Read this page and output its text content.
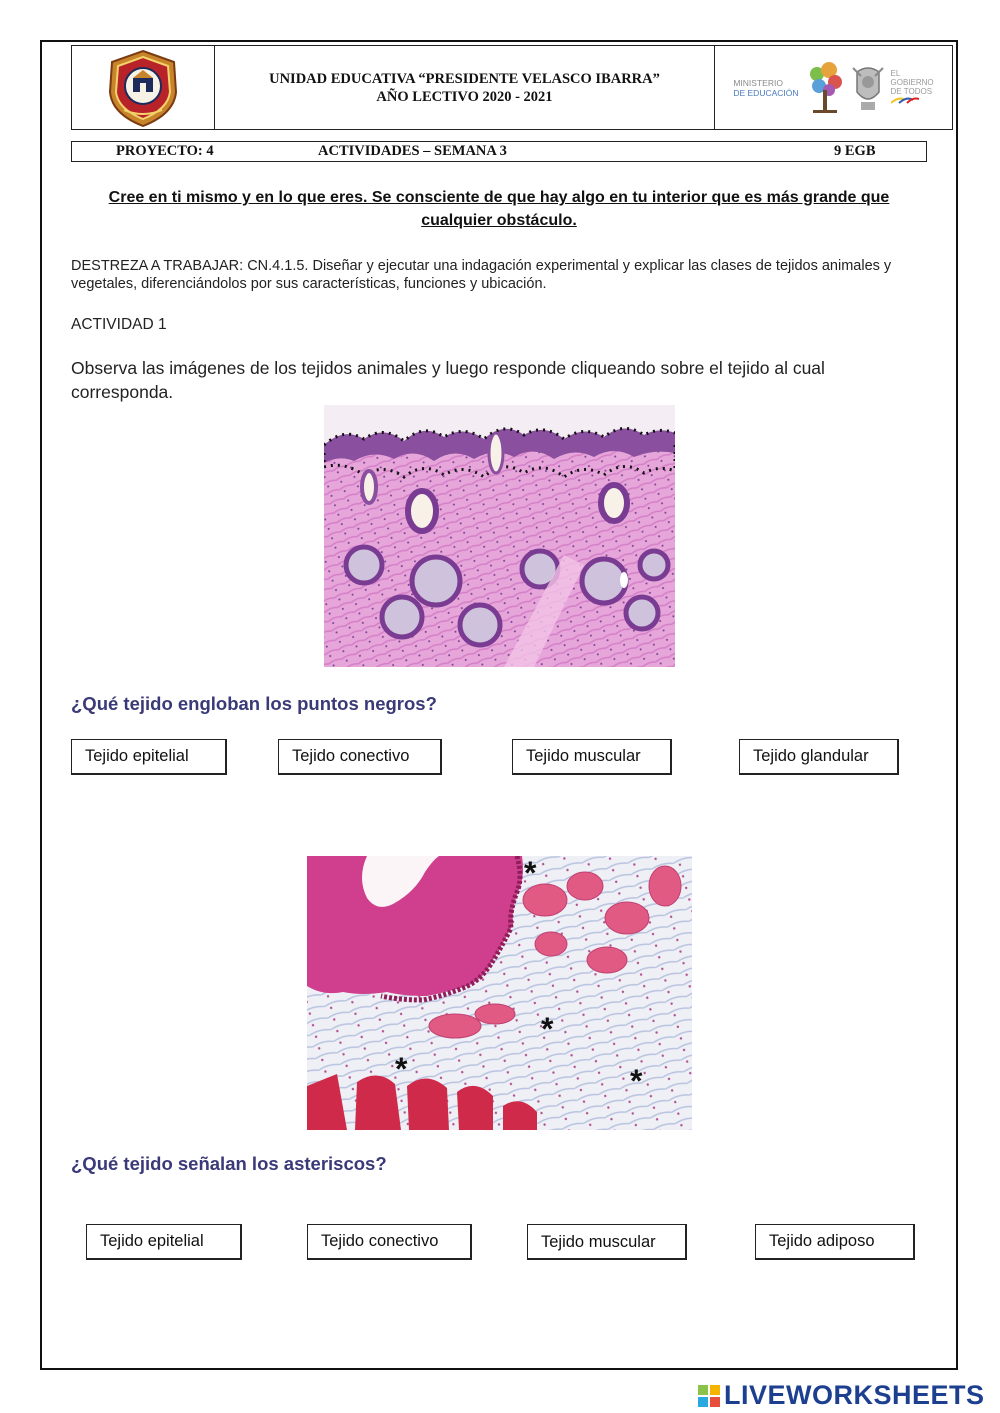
UNIDAD EDUCATIVA “PRESIDENTE VELASCO IBARRA”
AÑO LECTIVO 2020 - 2021
MINISTERIO
DE EDUCACIÓN
EL
GOBIERNO
DE TODOS
PROYECTO: 4	ACTIVIDADES – SEMANA 3	9 EGB
Cree en ti mismo y en lo que eres. Se consciente de que hay algo en tu interior que es más grande que cualquier obstáculo.
DESTREZA A TRABAJAR: CN.4.1.5. Diseñar y ejecutar una indagación experimental y explicar las clases de tejidos animales y vegetales, diferenciándolos por sus características, funciones y ubicación.
ACTIVIDAD 1
Observa las imágenes de los tejidos animales y luego responde cliqueando sobre el tejido al cual corresponda.
¿Qué tejido engloban los puntos negros?
Tejido epitelial	Tejido conectivo	Tejido muscular	Tejido glandular
*
*
*	*
¿Qué tejido señalan los asteriscos?
Tejido epitelial	Tejido conectivo	Tejido muscular	Tejido adiposo
LIVEWORKSHEETS
